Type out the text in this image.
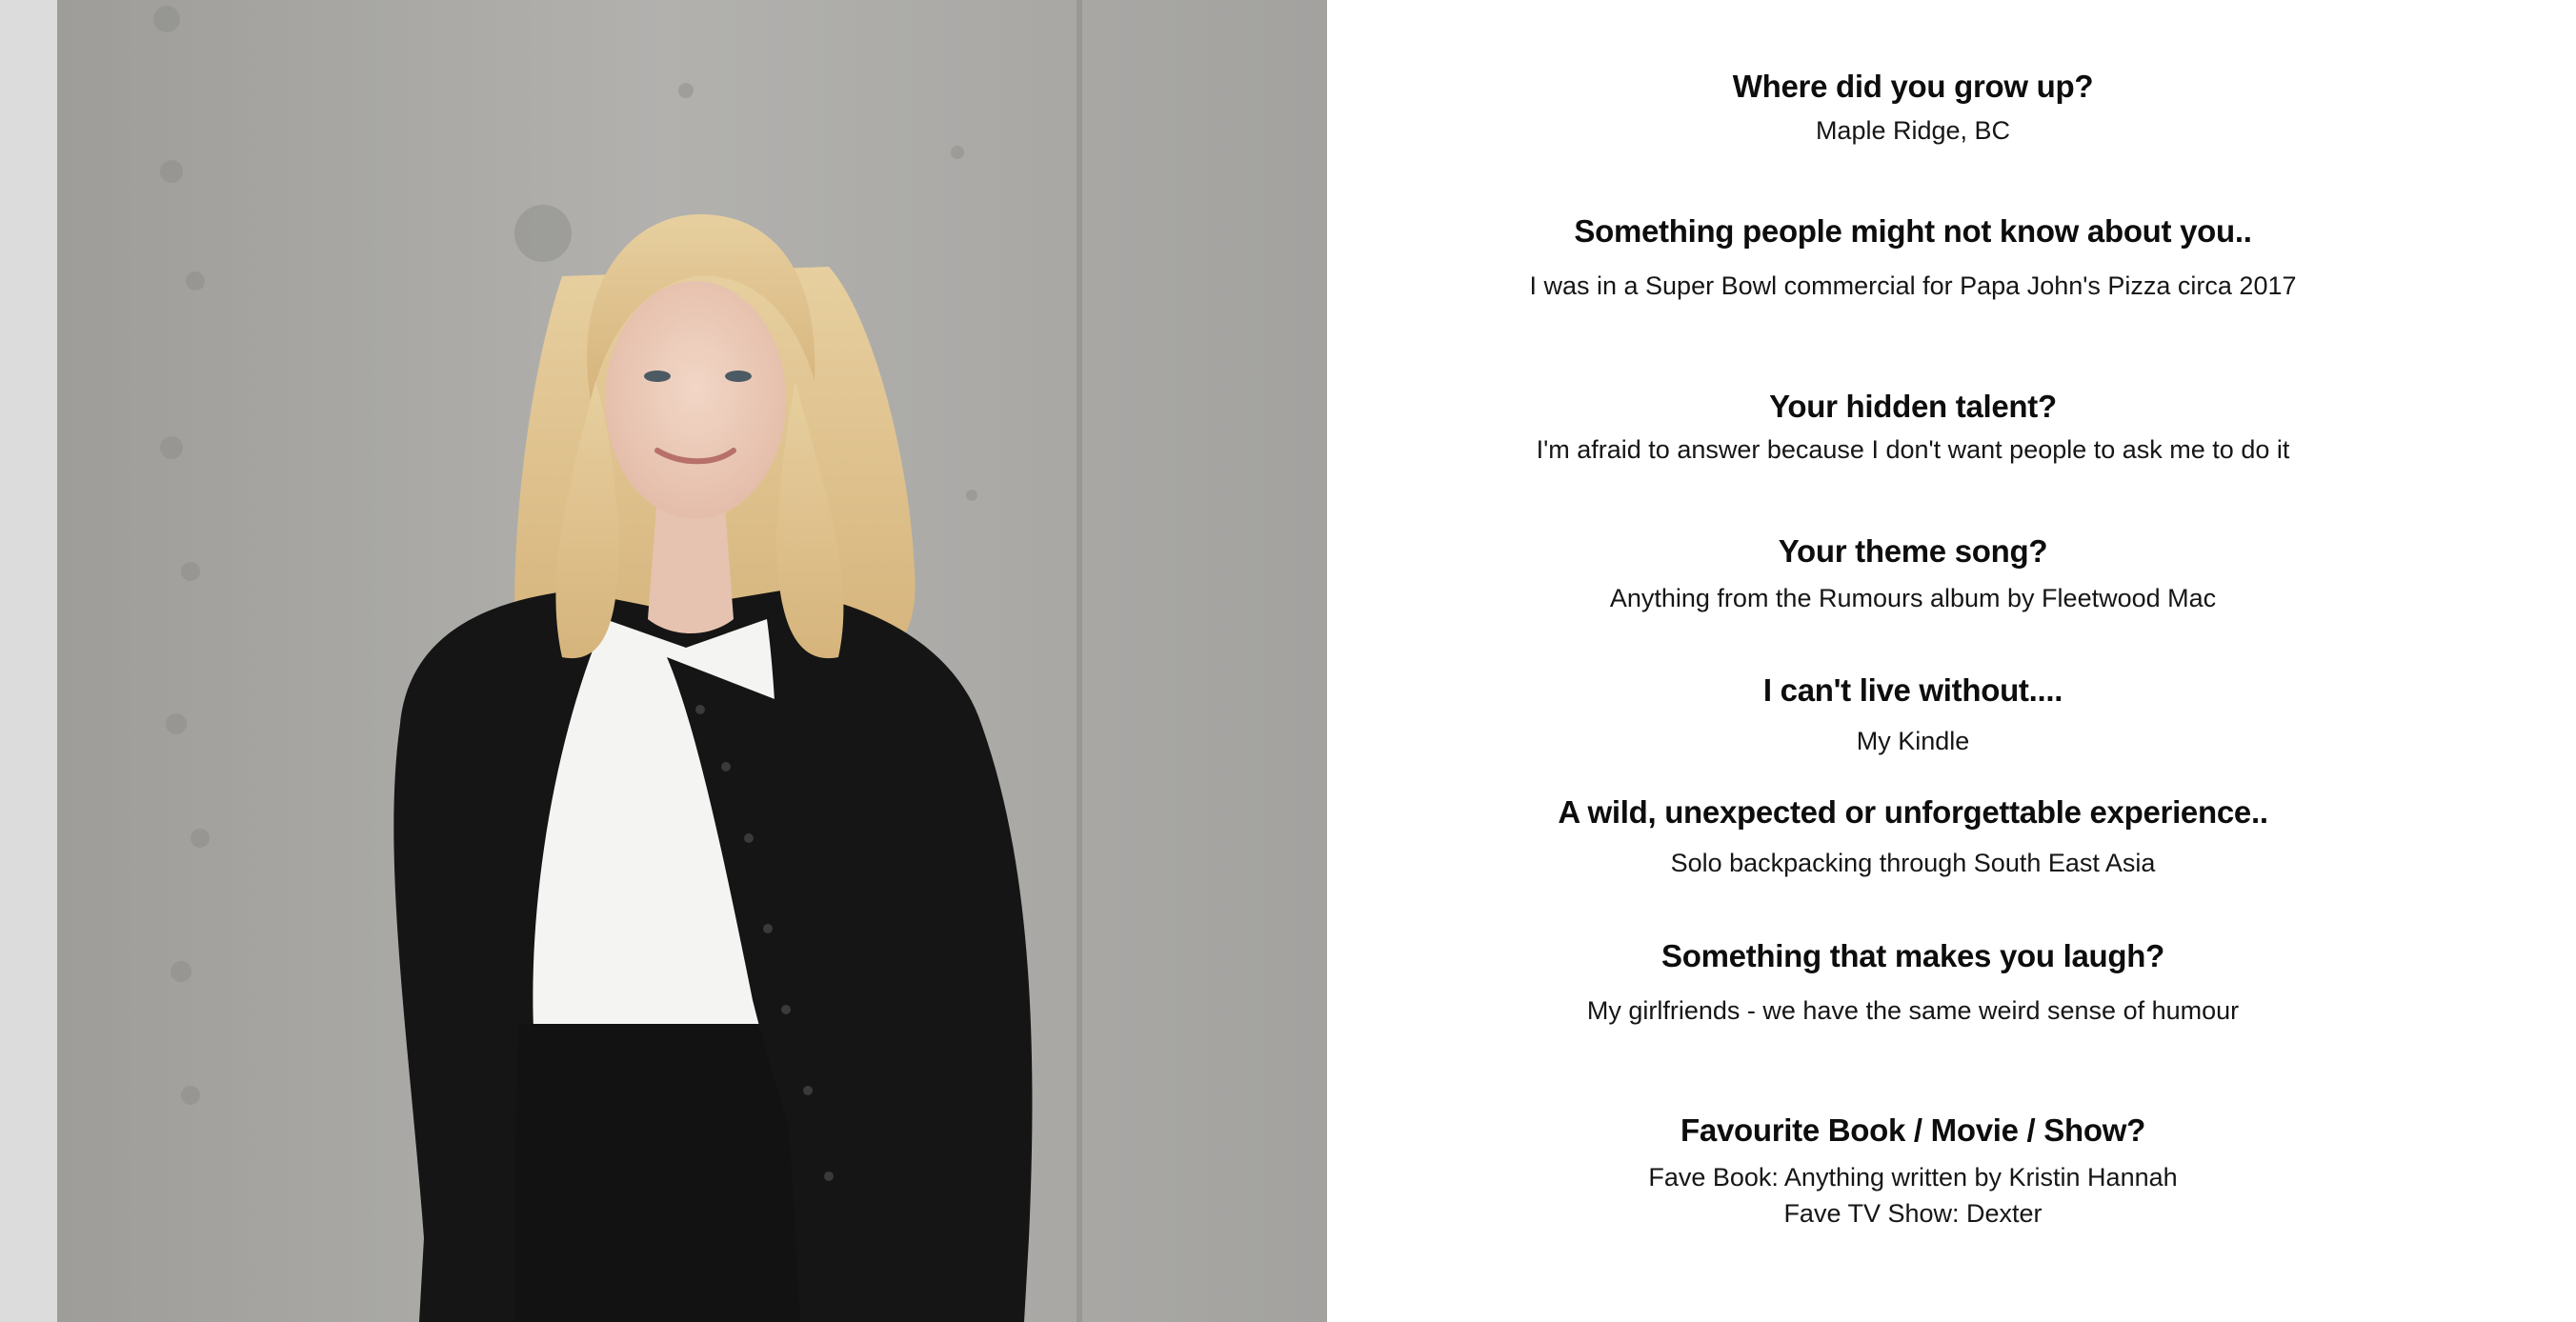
Where did you grow up?

Maple Ridge, BC

Something people might not know about you..

I was in a Super Bowl commercial for Papa John's Pizza circa 2017

Your hidden talent?

I'm afraid to answer because I don't want people to ask me to do it

Your theme song?

Anything from the Rumours album by Fleetwood Mac

I can't live without....

My Kindle

A wild, unexpected or unforgettable experience..

Solo backpacking through South East Asia

Something that makes you laugh?

My girlfriends - we have the same weird sense of humour

Favourite Book / Movie / Show?

Fave Book: Anything written by Kristin Hannah

Fave TV Show: Dexter
